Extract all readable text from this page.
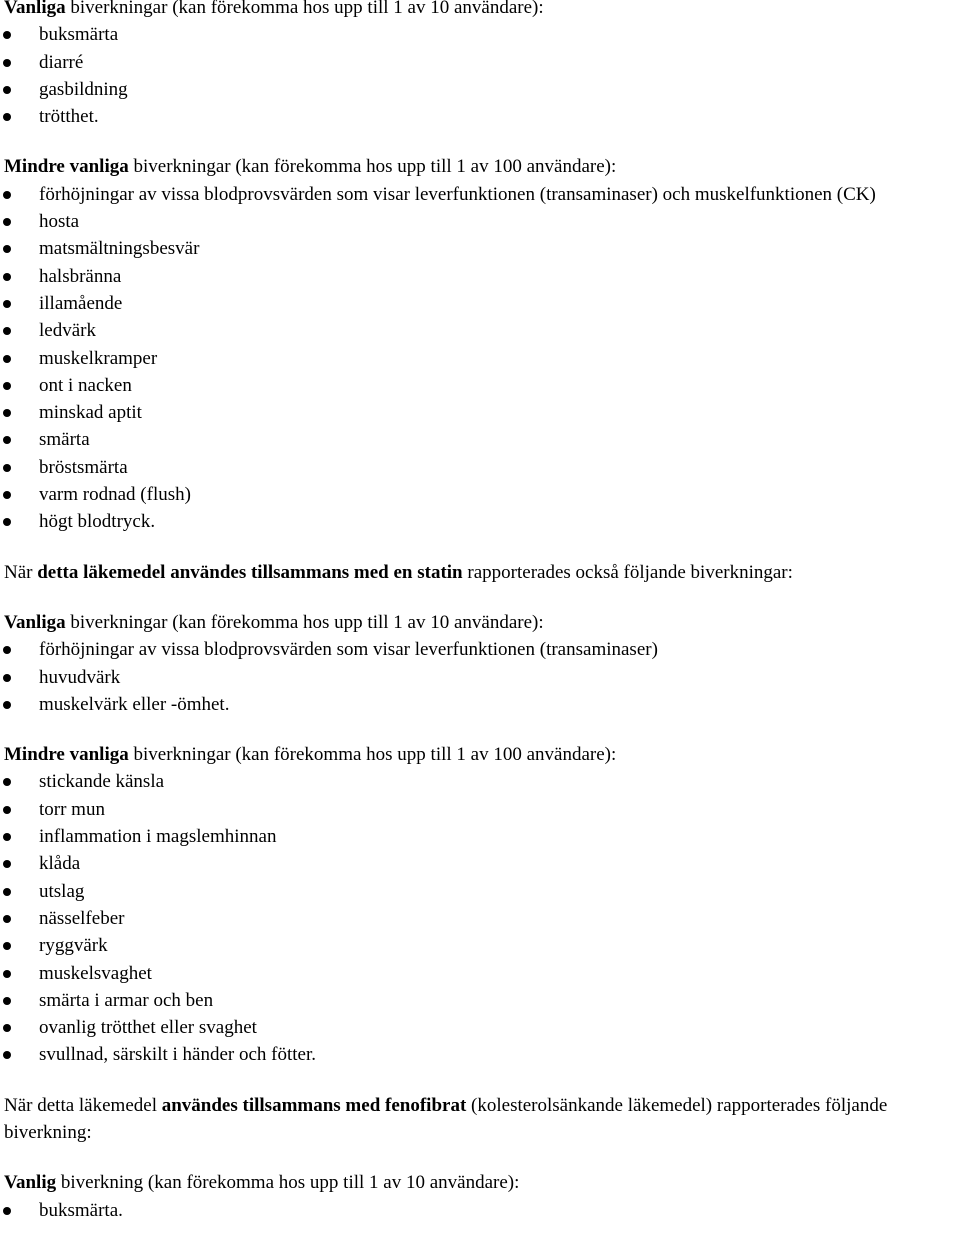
Vanliga biverkningar (kan förekomma hos upp till 1 av 10 användare):
buksmärta
diarré
gasbildning
trötthet.
Mindre vanliga biverkningar (kan förekomma hos upp till 1 av 100 användare):
förhöjningar av vissa blodprovsvärden som visar leverfunktionen (transaminaser) och muskelfunktionen (CK)
hosta
matsmältningsbesvär
halsbränna
illamående
ledvärk
muskelkramper
ont i nacken
minskad aptit
smärta
bröstsmärta
varm rodnad (flush)
högt blodtryck.
När detta läkemedel användes tillsammans med en statin rapporterades också följande biverkningar:
Vanliga biverkningar (kan förekomma hos upp till 1 av 10 användare):
förhöjningar av vissa blodprovsvärden som visar leverfunktionen (transaminaser)
huvudvärk
muskelvärk eller -ömhet.
Mindre vanliga biverkningar (kan förekomma hos upp till 1 av 100 användare):
stickande känsla
torr mun
inflammation i magslemhinnan
klåda
utslag
nässelfeber
ryggvärk
muskelsvaghet
smärta i armar och ben
ovanlig trötthet eller svaghet
svullnad, särskilt i händer och fötter.
När detta läkemedel användes tillsammans med fenofibrat (kolesterolsänkande läkemedel) rapporterades följande biverkning:
Vanlig biverkning (kan förekomma hos upp till 1 av 10 användare):
buksmärta.
